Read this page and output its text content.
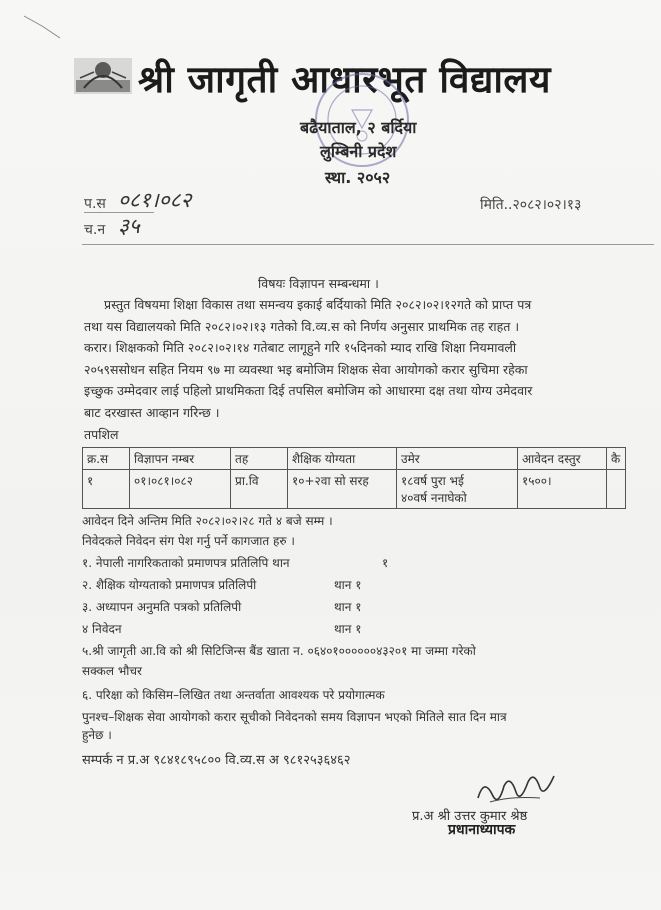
श्री जागृती आधारभूत विद्यालय
बढैयाताल, २ बर्दिया
लुम्बिनी प्रदेश
स्था. २०५२
प.स ०८१।०८२
च.न ३५
मिति..२०८२।०२।१३
विषयः विज्ञापन सम्बन्धमा ।
प्रस्तुत विषयमा शिक्षा विकास तथा समन्वय इकाई बर्दियाको मिति २०८२।०२।१२गते को प्राप्त पत्र
तथा यस विद्यालयको मिति २०८२।०२।१३ गतेको वि.व्य.स को निर्णय अनुसार प्राथमिक तह राहत ।
करार। शिक्षकको मिति २०८२।०२।१४ गतेबाट लागूहुने गरि १५दिनको म्याद राखि शिक्षा नियमावली
२०५९ससोधन सहित नियम ९७ मा व्यवस्था भइ बमोजिम शिक्षक सेवा आयोगको करार सुचिमा रहेका
इच्छुक उम्मेदवार लाई पहिलो प्राथमिकता दिई तपसिल बमोजिम को आधारमा दक्ष तथा योग्य उमेदवार
बाट दरखास्त आव्हान गरिन्छ ।
तपशिल
क्र.स	विज्ञापन नम्बर	तह	शैक्षिक योग्यता	उमेर	आवेदन दस्तुर	कै
१	०१।०८१।०८२	प्रा.वि	१०+२वा सो सरह	१८वर्ष पुरा भई
४०वर्ष ननाघेको	१५००।	
आवेदन दिने अन्तिम मिति २०८२।०२।२८ गते ४ बजे सम्म ।
निवेदकले निवेदन संग पेश गर्नु पर्ने कागजात हरु ।
१. नेपाली नागरिकताको प्रमाणपत्र प्रतिलिपि थान	१
२. शैक्षिक योग्यताको प्रमाणपत्र प्रतिलिपी	थान १
३. अध्यापन अनुमति पत्रको प्रतिलिपी	थान १
४ निवेदन	थान १
५.श्री जागृती आ.वि को श्री सिटिजिन्स बैंड खाता न. ०६४०१००००००४३२०१ मा जम्मा गरेको
सक्कल भौचर
६. परिक्षा को किसिम–लिखित तथा अन्तर्वाता आवश्यक परे प्रयोगात्मक
पुनश्च–शिक्षक सेवा आयोगको करार सूचीको निवेदनको समय विज्ञापन भएको मितिले सात दिन मात्र
हुनेछ ।
सम्पर्क न प्र.अ ९८४१८९५८०० वि.व्य.स अ ९८१२५३६४६२
प्र.अ श्री उत्तर कुमार श्रेष्ठ
प्रधानाध्यापक
